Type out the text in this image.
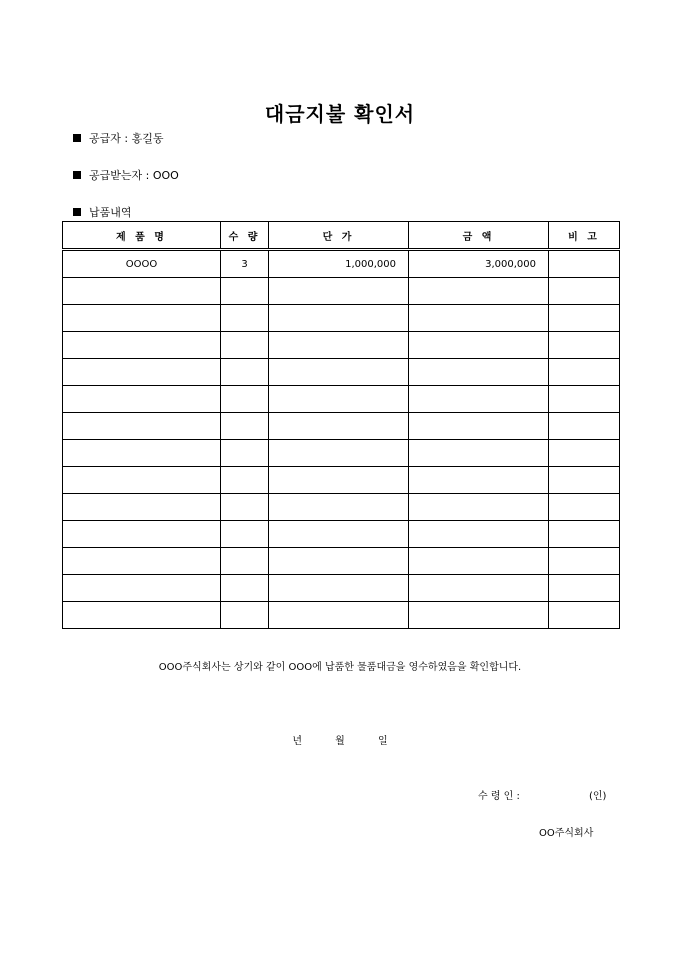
대금지불 확인서
공급자 : 홍길동
공급받는자 : OOO
납품내역
제 품 명	수 량	단 가	금 액	비 고
OOOO	3	1,000,000	3,000,000	

OOO주식회사는 상기와 같이 OOO에 납품한 물품대금을 영수하였음을 확인합니다.
년 월 일
수 령 인 :	(인)
OO주식회사
